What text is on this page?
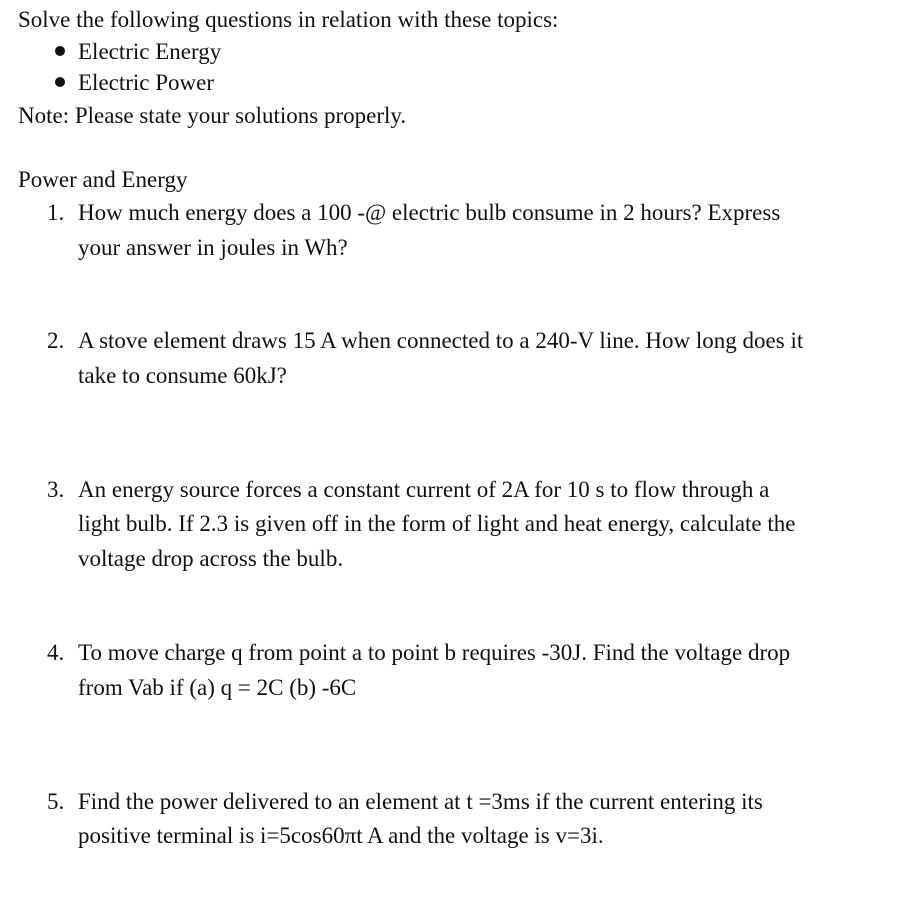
Solve the following questions in relation with these topics:
Electric Energy
Electric Power
Note: Please state your solutions properly.
Power and Energy
1. How much energy does a 100 -@ electric bulb consume in 2 hours? Express
your answer in joules in Wh?
2. A stove element draws 15 A when connected to a 240-V line. How long does it
take to consume 60kJ?
3. An energy source forces a constant current of 2A for 10 s to flow through a
light bulb. If 2.3 is given off in the form of light and heat energy, calculate the
voltage drop across the bulb.
4. To move charge q from point a to point b requires -30J. Find the voltage drop
from Vab if (a) q = 2C (b) -6C
5. Find the power delivered to an element at t =3ms if the current entering its
positive terminal is i=5cos60πt A and the voltage is v=3i.
